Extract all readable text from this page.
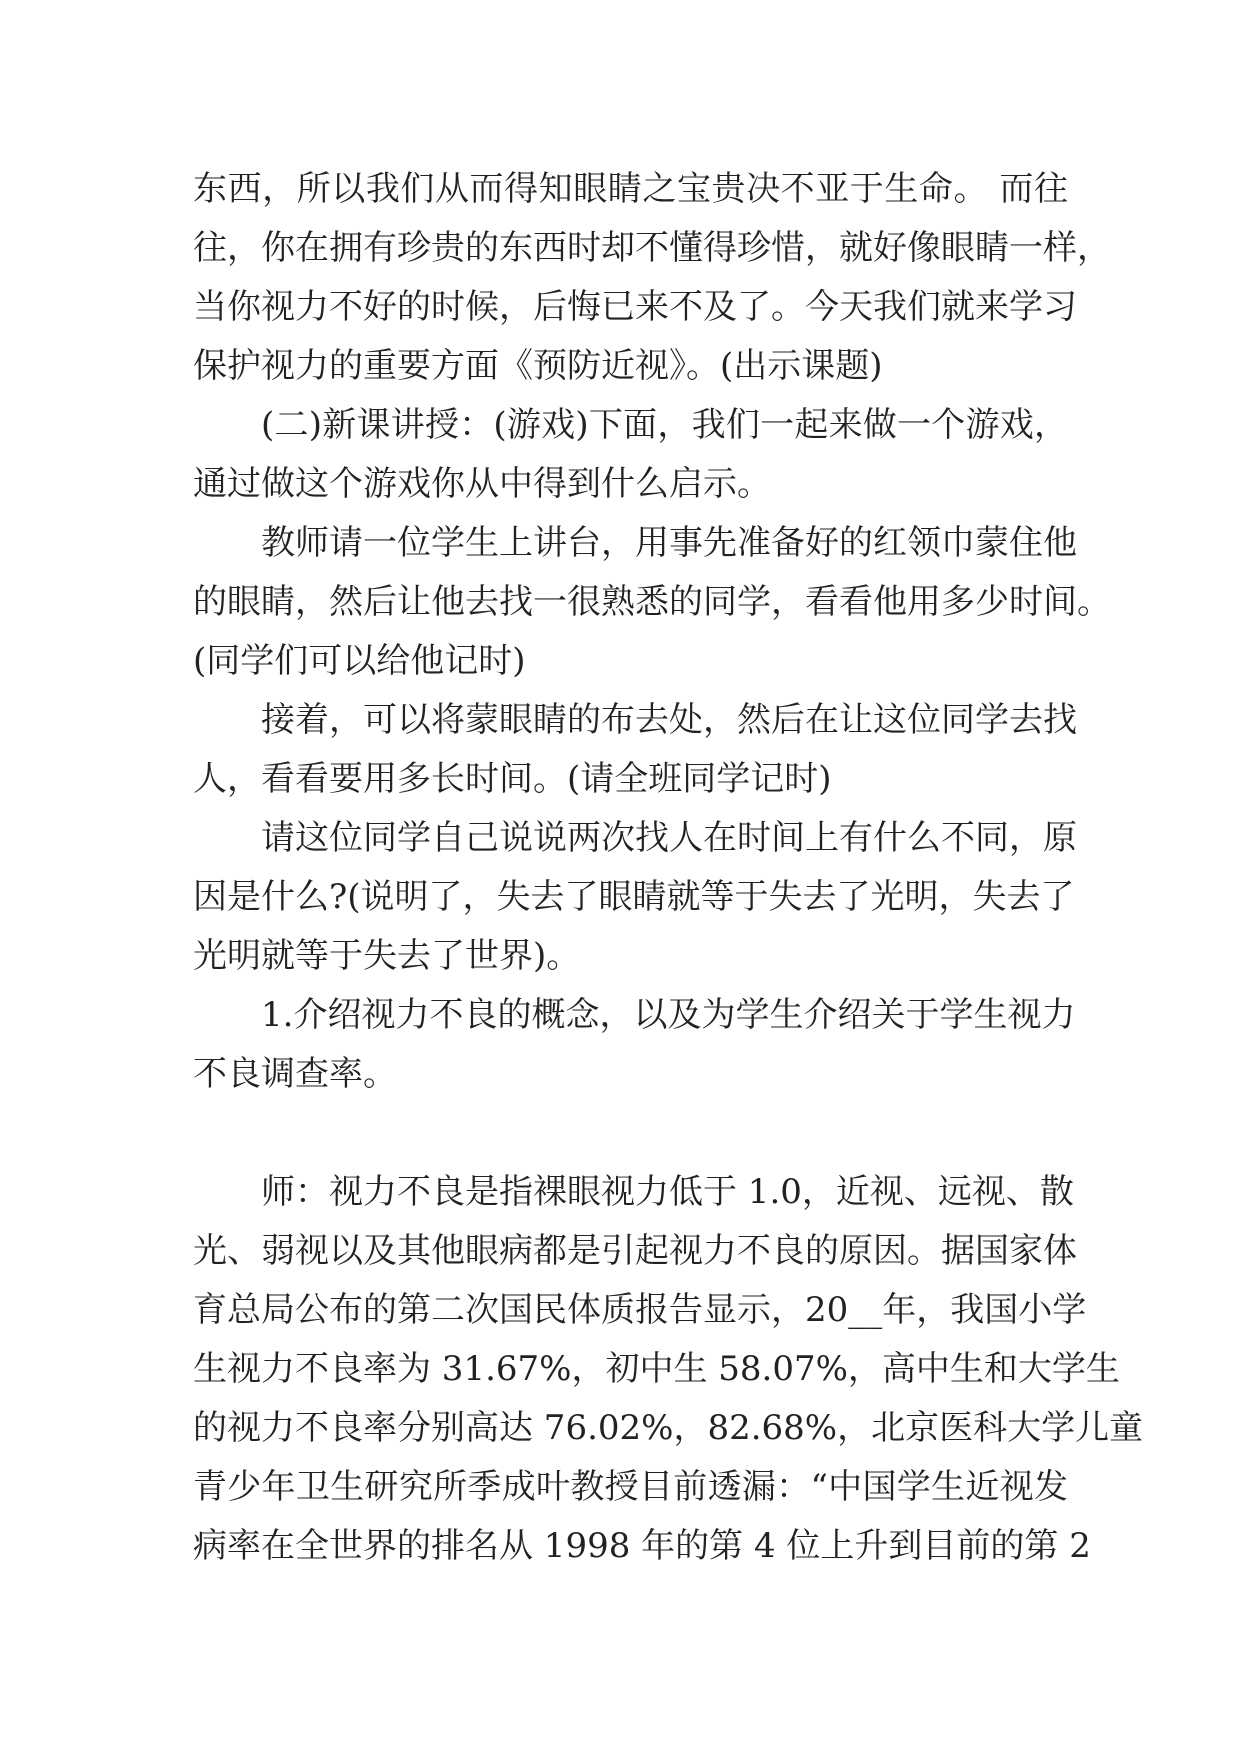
东西，所以我们从而得知眼睛之宝贵决不亚于生命。 而往
往，你在拥有珍贵的东西时却不懂得珍惜，就好像眼睛一样，
当你视力不好的时候，后悔已来不及了。今天我们就来学习
保护视力的重要方面《预防近视》。(出示课题)
(二)新课讲授：(游戏)下面，我们一起来做一个游戏，
通过做这个游戏你从中得到什么启示。
教师请一位学生上讲台，用事先准备好的红领巾蒙住他
的眼睛，然后让他去找一很熟悉的同学，看看他用多少时间。
(同学们可以给他记时)
接着，可以将蒙眼睛的布去处，然后在让这位同学去找
人，看看要用多长时间。(请全班同学记时)
请这位同学自己说说两次找人在时间上有什么不同，原
因是什么?(说明了，失去了眼睛就等于失去了光明，失去了
光明就等于失去了世界)。
1.介绍视力不良的概念，以及为学生介绍关于学生视力
不良调查率。
师：视力不良是指裸眼视力低于 1.0，近视、远视、散
光、弱视以及其他眼病都是引起视力不良的原因。据国家体
育总局公布的第二次国民体质报告显示，20__年，我国小学
生视力不良率为 31.67%，初中生 58.07%，高中生和大学生
的视力不良率分别高达 76.02%，82.68%，北京医科大学儿童
青少年卫生研究所季成叶教授目前透漏：“中国学生近视发
病率在全世界的排名从 1998 年的第 4 位上升到目前的第 2
